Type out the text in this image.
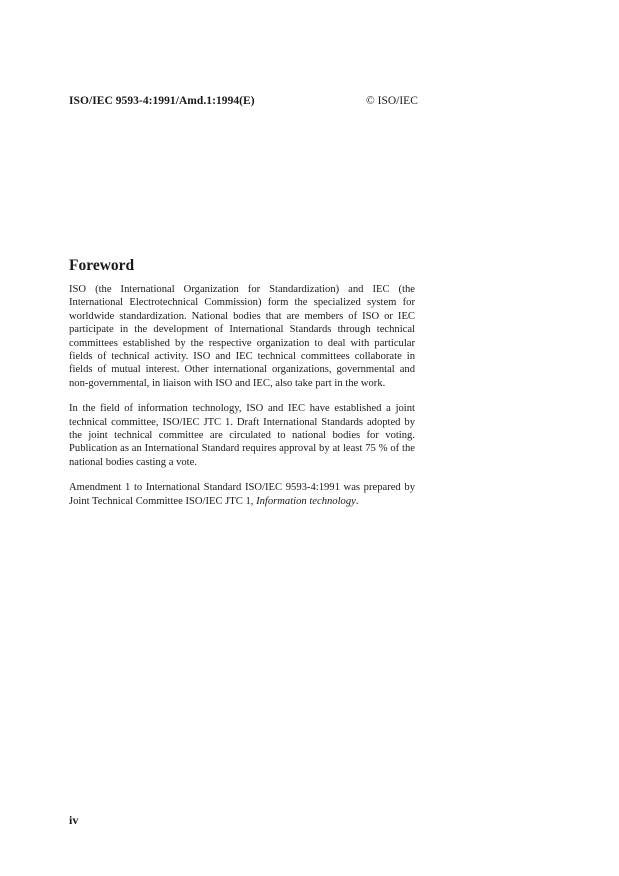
ISO/IEC 9593-4:1991/Amd.1:1994(E)	© ISO/IEC
Foreword

ISO (the International Organization for Standardization) and IEC (the International Electrotechnical Commission) form the specialized system for worldwide standardization. National bodies that are members of ISO or IEC participate in the development of International Standards through technical committees established by the respective organization to deal with particular fields of technical activity. ISO and IEC technical committees collaborate in fields of mutual interest. Other international organizations, governmental and non-governmental, in liaison with ISO and IEC, also take part in the work.

In the field of information technology, ISO and IEC have established a joint technical committee, ISO/IEC JTC 1. Draft International Standards adopted by the joint technical committee are circulated to national bodies for voting. Publication as an International Standard requires approval by at least 75 % of the national bodies casting a vote.

Amendment 1 to International Standard ISO/IEC 9593-4:1991 was prepared by Joint Technical Committee ISO/IEC JTC 1, Information technology.

iv
